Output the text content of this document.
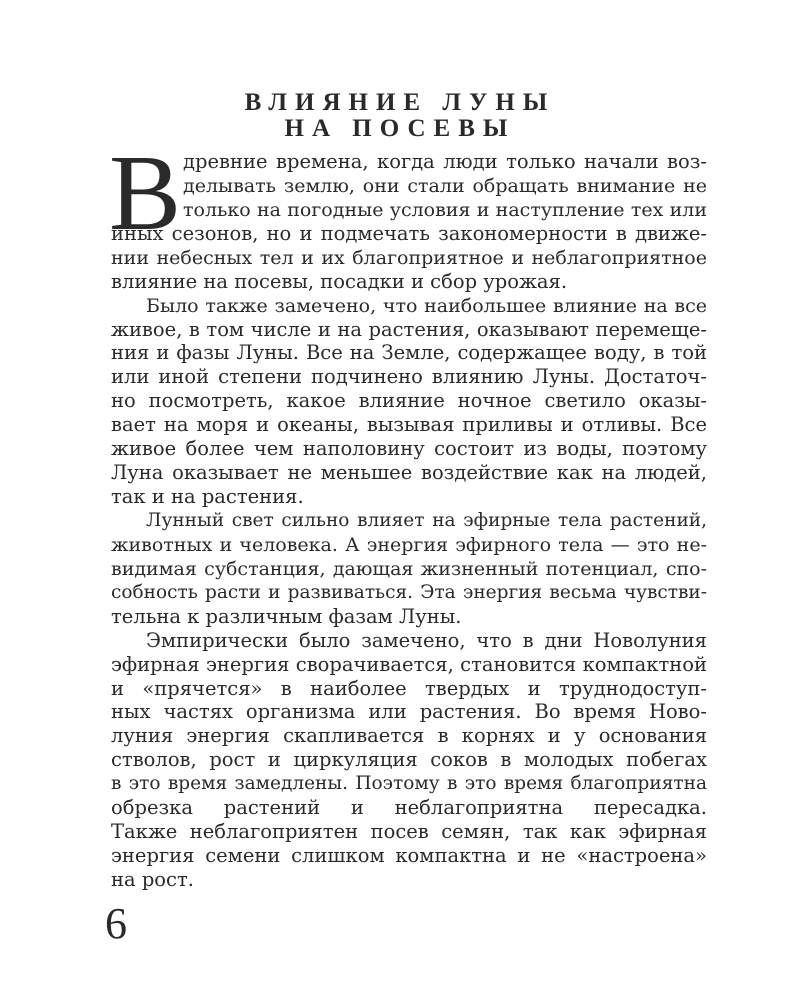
ВЛИЯНИЕ ЛУНЫ
НА ПОСЕВЫ
В древние времена, когда люди только начали воз-
делывать землю, они стали обращать внимание не
только на погодные условия и наступление тех или
иных сезонов, но и подмечать закономерности в движе-
нии небесных тел и их благоприятное и неблагоприятное
влияние на посевы, посадки и сбор урожая.
Было также замечено, что наибольшее влияние на все
живое, в том числе и на растения, оказывают перемеще-
ния и фазы Луны. Все на Земле, содержащее воду, в той
или иной степени подчинено влиянию Луны. Достаточ-
но посмотреть, какое влияние ночное светило оказы-
вает на моря и океаны, вызывая приливы и отливы. Все
живое более чем наполовину состоит из воды, поэтому
Луна оказывает не меньшее воздействие как на людей,
так и на растения.
Лунный свет сильно влияет на эфирные тела растений,
животных и человека. А энергия эфирного тела — это не-
видимая субстанция, дающая жизненный потенциал, спо-
собность расти и развиваться. Эта энергия весьма чувстви-
тельна к различным фазам Луны.
Эмпирически было замечено, что в дни Новолуния
эфирная энергия сворачивается, становится компактной
и «прячется» в наиболее твердых и труднодоступ-
ных частях организма или растения. Во время Ново-
луния энергия скапливается в корнях и у основания
стволов, рост и циркуляция соков в молодых побегах
в это время замедлены. Поэтому в это время благоприятна
обрезка растений и неблагоприятна пересадка.
Также неблагоприятен посев семян, так как эфирная
энергия семени слишком компактна и не «настроена»
на рост.
6
